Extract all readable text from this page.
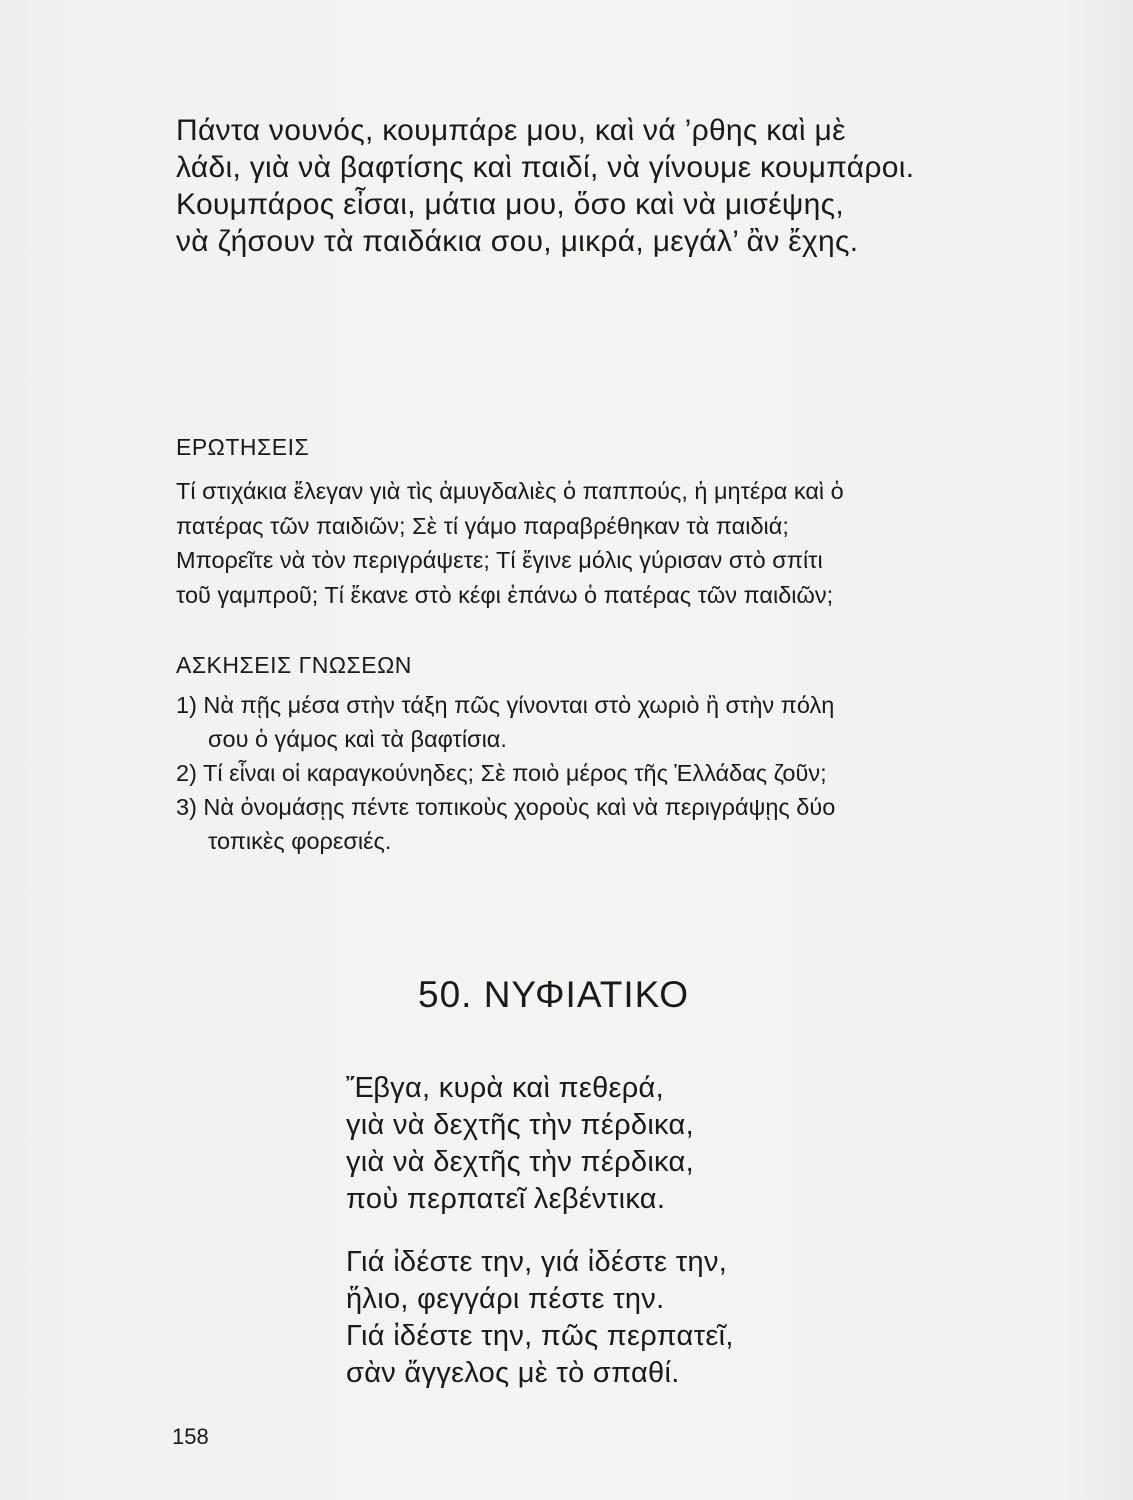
Πάντα νουνός, κουμπάρε μου, καὶ νά ’ρθης καὶ μὲ
λάδι, γιὰ νὰ βαφτίσης καὶ παιδί, νὰ γίνουμε κουμπάροι.
Κουμπάρος εἶσαι, μάτια μου, ὅσο καὶ νὰ μισέψης,
νὰ ζήσουν τὰ παιδάκια σου, μικρά, μεγάλ’ ἂν ἔχης.
ΕΡΩΤΗΣΕΙΣ
Τί στιχάκια ἔλεγαν γιὰ τὶς ἀμυγδαλιὲς ὁ παππούς, ἡ μητέρα καὶ ὁ
πατέρας τῶν παιδιῶν; Σὲ τί γάμο παραβρέθηκαν τὰ παιδιά;
Μπορεῖτε νὰ τὸν περιγράψετε; Τί ἔγινε μόλις γύρισαν στὸ σπίτι
τοῦ γαμπροῦ; Τί ἔκανε στὸ κέφι ἐπάνω ὁ πατέρας τῶν παιδιῶν;
ΑΣΚΗΣΕΙΣ ΓΝΩΣΕΩΝ
1) Νὰ πῇς μέσα στὴν τάξη πῶς γίνονται στὸ χωριὸ ἢ στὴν πόλη
σου ὁ γάμος καὶ τὰ βαφτίσια.
2) Τί εἶναι οἱ καραγκούνηδες; Σὲ ποιὸ μέρος τῆς Ἑλλάδας ζοῦν;
3) Νὰ ὀνομάσῃς πέντε τοπικοὺς χοροὺς καὶ νὰ περιγράψῃς δύο
τοπικὲς φορεσιές.
50. ΝΥΦΙΑΤΙΚΟ
Ἔβγα, κυρὰ καὶ πεθερά,
γιὰ νὰ δεχτῆς τὴν πέρδικα,
γιὰ νὰ δεχτῆς τὴν πέρδικα,
ποὺ περπατεῖ λεβέντικα.
Γιά ἰδέστε την, γιά ἰδέστε την,
ἥλιο, φεγγάρι πέστε την.
Γιά ἰδέστε την, πῶς περπατεῖ,
σὰν ἄγγελος μὲ τὸ σπαθί.
158
